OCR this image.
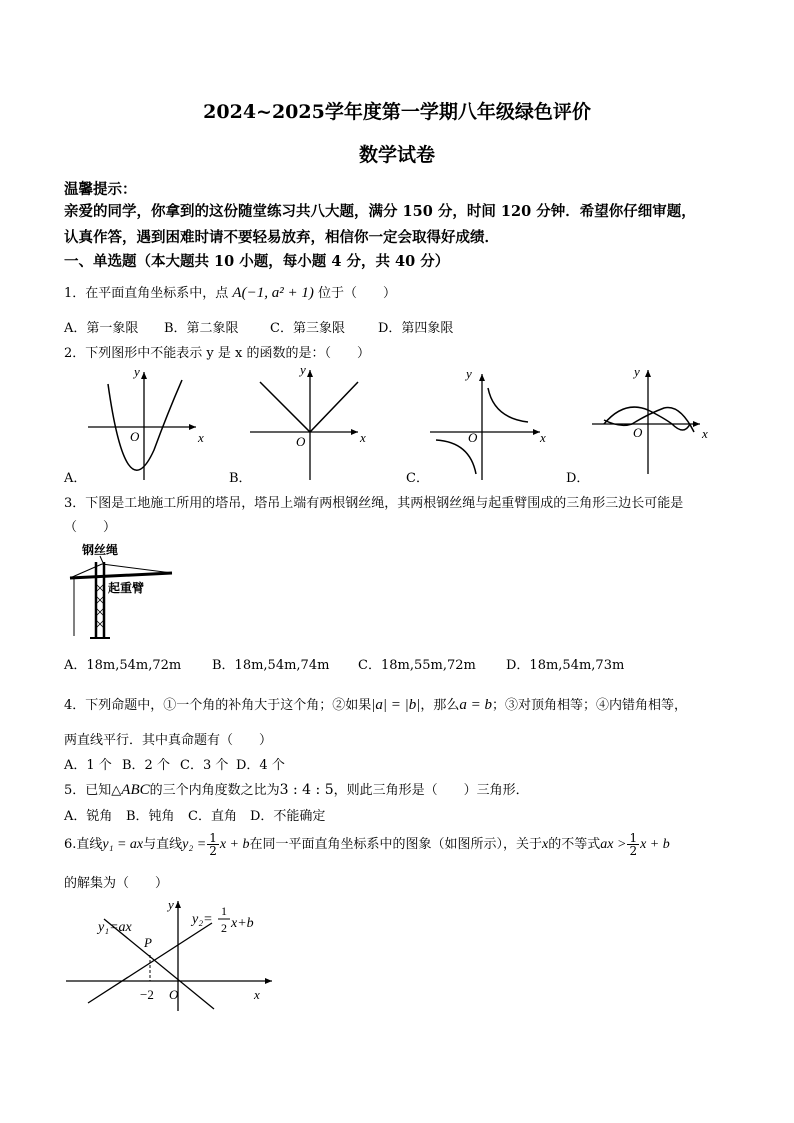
2024~2025学年度第一学期八年级绿色评价
数学试卷
温馨提示：
亲爱的同学，你拿到的这份随堂练习共八大题，满分 150 分，时间 120 分钟．希望你仔细审题，
认真作答，遇到困难时请不要轻易放弃，相信你一定会取得好成绩．
一、单选题（本大题共 10 小题，每小题 4 分，共 40 分）
1．在平面直角坐标系中，点 A(−1, a² + 1) 位于（　　）
A．第一象限 B．第二象限 C．第三象限	D．第四象限
2．下列图形中不能表示 y 是 x 的函数的是：（　　）
y
x
O
y
x
O
y
x
O
y
x
O
A．	B．	C．	D．
3．下图是工地施工所用的塔吊，塔吊上端有两根钢丝绳，其两根钢丝绳与起重臂围成的三角形三边长可能是
（　　）
钢丝绳
起重臂
A．18m,54m,72m B．18m,54m,74m C．18m,55m,72m D．18m,54m,73m
4．下列命题中，①一个角的补角大于这个角；②如果|a| = |b|，那么a = b；③对顶角相等；④内错角相等，
两直线平行．其中真命题有（　　）
A．1 个 B．2 个 C．3 个 D．4 个
5．已知△ABC的三个内角度数之比为3 : 4 : 5，则此三角形是（　　）三角形．
A．锐角 B．钝角 C．直角 D．不能确定
6.直线y₁ = ax与直线$y_2 = \frac{1}{2}$ x + b在同一平面直角坐标系中的图象（如图所示），关于x的不等式ax > $\frac{1}{2}$ x + b
的解集为（　　）
y₁=ax
y₂=
1
2 x+b
P
−2 O	x
y
